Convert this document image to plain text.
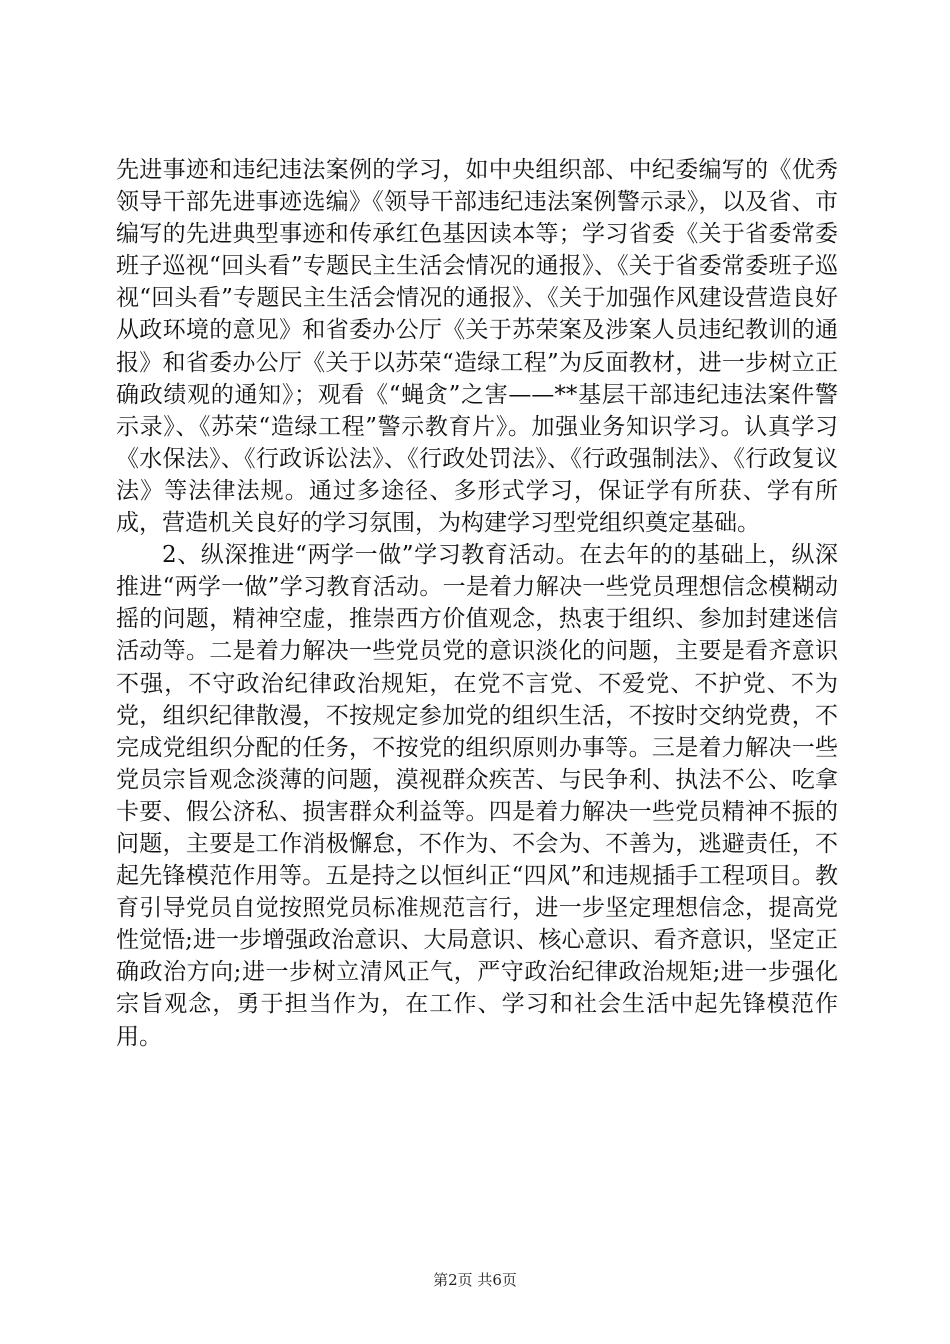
先进事迹和违纪违法案例的学习，如中央组织部、中纪委编写的《优秀领导干部先进事迹选编》《领导干部违纪违法案例警示录》，以及省、市编写的先进典型事迹和传承红色基因读本等；学习省委《关于省委常委班子巡视“回头看”专题民主生活会情况的通报》、《关于省委常委班子巡视“回头看”专题民主生活会情况的通报》、《关于加强作风建设营造良好从政环境的意见》和省委办公厅《关于苏荣案及涉案人员违纪教训的通报》和省委办公厅《关于以苏荣“造绿工程”为反面教材，进一步树立正确政绩观的通知》；观看《“蝇贪”之害——**基层干部违纪违法案件警示录》、《苏荣“造绿工程”警示教育片》。加强业务知识学习。认真学习《水保法》、《行政诉讼法》、《行政处罚法》、《行政强制法》、《行政复议法》等法律法规。通过多途径、多形式学习，保证学有所获、学有所成，营造机关良好的学习氛围，为构建学习型党组织奠定基础。

2、纵深推进“两学一做”学习教育活动。在去年的的基础上，纵深推进“两学一做”学习教育活动。一是着力解决一些党员理想信念模糊动摇的问题，精神空虚，推崇西方价值观念，热衷于组织、参加封建迷信活动等。二是着力解决一些党员党的意识淡化的问题，主要是看齐意识不强，不守政治纪律政治规矩，在党不言党、不爱党、不护党、不为党，组织纪律散漫，不按规定参加党的组织生活，不按时交纳党费，不完成党组织分配的任务，不按党的组织原则办事等。三是着力解决一些党员宗旨观念淡薄的问题，漠视群众疾苦、与民争利、执法不公、吃拿卡要、假公济私、损害群众利益等。四是着力解决一些党员精神不振的问题，主要是工作消极懈怠，不作为、不会为、不善为，逃避责任，不起先锋模范作用等。五是持之以恒纠正“四风”和违规插手工程项目。教育引导党员自觉按照党员标准规范言行，进一步坚定理想信念，提高党性觉悟;进一步增强政治意识、大局意识、核心意识、看齐意识，坚定正确政治方向;进一步树立清风正气，严守政治纪律政治规矩;进一步强化宗旨观念，勇于担当作为，在工作、学习和社会生活中起先锋模范作用。

第2页 共6页
